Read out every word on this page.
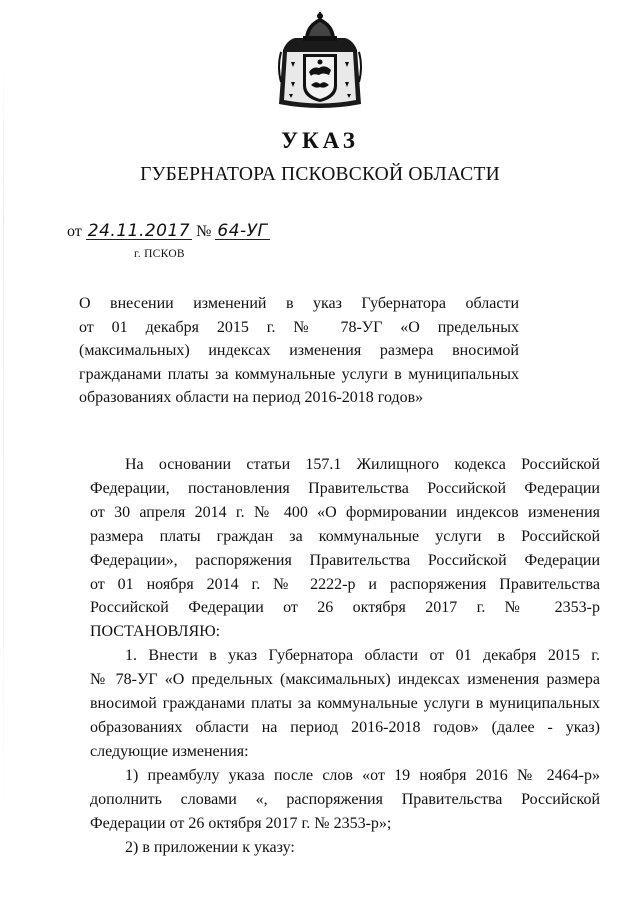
УКАЗ
ГУБЕРНАТОРА ПСКОВСКОЙ ОБЛАСТИ
от 24.11.2017 № 64-УГ
г. ПСКОВ
О внесении изменений в указ Губернатора области
от 01 декабря 2015 г. № 78-УГ «О предельных
(максимальных) индексах изменения размера вносимой
гражданами платы за коммунальные услуги в муниципальных
образованиях области на период 2016-2018 годов»
На основании статьи 157.1 Жилищного кодекса Российской
Федерации, постановления Правительства Российской Федерации
от 30 апреля 2014 г. № 400 «О формировании индексов изменения
размера платы граждан за коммунальные услуги в Российской
Федерации», распоряжения Правительства Российской Федерации
от 01 ноября 2014 г. № 2222-р и распоряжения Правительства
Российской Федерации от 26 октября 2017 г. № 2353-р
ПОСТАНОВЛЯЮ:
1. Внести в указ Губернатора области от 01 декабря 2015 г.
№ 78-УГ «О предельных (максимальных) индексах изменения размера
вносимой гражданами платы за коммунальные услуги в муниципальных
образованиях области на период 2016-2018 годов» (далее - указ)
следующие изменения:
1) преамбулу указа после слов «от 19 ноября 2016 № 2464-р»
дополнить словами «, распоряжения Правительства Российской
Федерации от 26 октября 2017 г. № 2353-р»;
2) в приложении к указу:
